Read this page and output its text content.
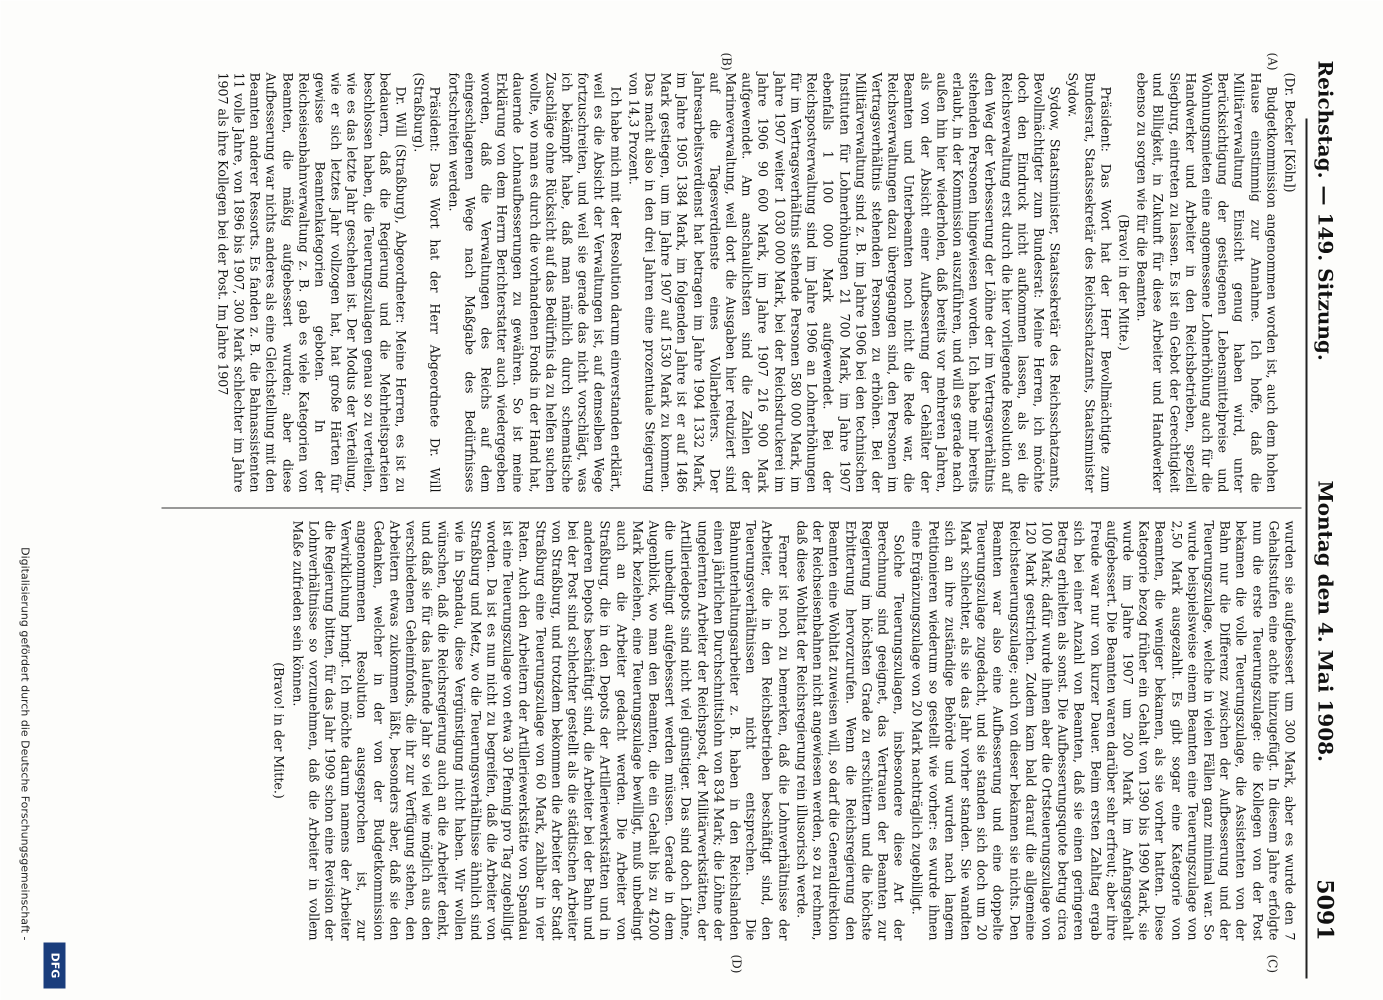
Reichstag. — 149. Sitzung.
Montag den 4. Mai 1908.
5091
(A)
(B)
(C)
(D)

(Dr. Becker [Köln])

Budgetkommission angenommen worden ist, auch dem hohen Hause einstimmig zur Annahme. Ich hoffe, daß die Militärverwaltung Einsicht genug haben wird, unter Berücksichtigung der gestiegenen Lebensmittelpreise und Wohnungsmieten eine angemessene Lohnerhöhung auch für die Handwerker und Arbeiter in den Reichsbetrieben, speziell Siegburg, eintreten zu lassen. Es ist ein Gebot der Gerechtigkeit und Billigkeit, in Zukunft für diese Arbeiter und Handwerker ebenso zu sorgen wie für die Beamten.

(Bravo! in der Mitte.)

Präsident: Das Wort hat der Herr Bevollmächtigte zum Bundesrat, Staatssekretär des Reichsschatzamts, Staatsminister Sydow.

Sydow, Staatsminister, Staatssekretär des Reichsschatzamts, Bevollmächtigter zum Bundesrat: Meine Herren, ich möchte doch den Eindruck nicht aufkommen lassen, als sei die Reichsverwaltung erst durch die hier vorliegende Resolution auf den Weg der Verbesserung der Löhne der im Vertragsverhältnis stehenden Personen hingewiesen worden. Ich habe mir bereits erlaubt, in der Kommission auszuführen, und will es gerade nach außen hin hier wiederholen, daß bereits vor mehreren Jahren, als von der Absicht einer Aufbesserung der Gehälter der Beamten und Unterbeamten noch nicht die Rede war, die Reichsverwaltungen dazu übergegangen sind, den Personen im Vertragsverhältnis stehenden Personen zu erhöhen. Bei der Militärverwaltung sind z. B. im Jahre 1906 bei den technischen Instituten für Lohnerhöhungen 21 700 Mark, im Jahre 1907 ebenfalls 1 100 000 Mark aufgewendet. Bei der Reichspostverwaltung sind im Jahre 1906 an Lohnerhöhungen für im Vertragsverhältnis stehende Personen 580 000 Mark, im Jahre 1907 weiter 1 030 000 Mark, bei der Reichsdruckerei im Jahre 1906 90 600 Mark, im Jahre 1907 216 900 Mark aufgewendet. Am anschaulichsten sind die Zahlen der Marineverwaltung, weil dort die Ausgaben hier reduziert sind auf die Tagesverdienste eines Vollarbeiters. Der Jahresarbeitsverdienst hat betragen im Jahre 1904 1332 Mark, im Jahre 1905 1384 Mark, im folgenden Jahre ist er auf 1486 Mark gestiegen, um im Jahre 1907 auf 1530 Mark zu kommen. Das macht also in den drei Jahren eine prozentuale Steigerung von 14,3 Prozent.

Ich habe mich mit der Resolution darum einverstanden erklärt, weil es die Absicht der Verwaltungen ist, auf demselben Wege fortzuschreiten, und weil sie gerade das nicht vorschlägt, was ich bekämpft habe, daß man nämlich durch schematische Zuschläge ohne Rücksicht auf das Bedürfnis da zu helfen suchen wollte, wo man es durch die vorhandenen Fonds in der Hand hat, dauernde Lohnaufbesserungen zu gewähren. So ist meine Erklärung von dem Herrn Berichterstatter auch wiedergegeben worden, daß die Verwaltungen des Reichs auf dem eingeschlagenen Wege nach Maßgabe des Bedürfnisses fortschreiten werden.

Präsident: Das Wort hat der Herr Abgeordnete Dr. Will (Straßburg).

Dr. Will (Straßburg), Abgeordneter: Meine Herren, es ist zu bedauern, daß die Regierung und die Mehrheitsparteien beschlossen haben, die Teuerungszulagen genau so zu verteilen, wie es das letzte Jahr geschehen ist. Der Modus der Verteilung, wie er sich letztes Jahr vollzogen hat, hat große Härten für gewisse Beamtenkategorien geboten. In der Reichseisenbahnverwaltung z. B. gab es viele Kategorien von Beamten, die mäßig aufgebessert wurden; aber diese Aufbesserung war nichts anderes als eine Gleichstellung mit den Beamten anderer Ressorts. Es fanden z. B. die Bahnassistenten 11 volle Jahre, von 1896 bis 1907, 300 Mark schlechter im Jahre 1907 als ihre Kollegen bei der Post. Im Jahre 1907

wurden sie aufgebessert um 300 Mark, aber es wurde den 7 Gehaltsstufen eine achte hinzugefügt. In diesem Jahre erfolgte nun die erste Teuerungszulage: die Kollegen von der Post bekamen die volle Teuerungszulage, die Assistenten von der Bahn nur die Differenz zwischen der Aufbesserung und der Teuerungszulage, welche in vielen Fällen ganz minimal war. So wurde beispielsweise einem Beamten eine Teuerungszulage von 2,50 Mark ausgezahlt. Es gibt sogar eine Kategorie von Beamten, die weniger bekamen, als sie vorher hatten. Diese Kategorie bezog früher ein Gehalt von 1390 bis 1990 Mark, sie wurde im Jahre 1907 um 200 Mark im Anfangsgehalt aufgebessert. Die Beamten waren darüber sehr erfreut; aber ihre Freude war nur von kurzer Dauer. Beim ersten Zahltag ergab sich bei einer Anzahl von Beamten, daß sie einen geringeren Betrag erhielten als sonst. Die Aufbesserungsquote betrug circa 100 Mark; dafür wurde ihnen aber die Ortsteuerungszulage von 120 Mark gestrichen. Zudem kam bald darauf die allgemeine Reichsteuerungszulage; auch von dieser bekamen sie nichts. Den Beamten war also eine Aufbesserung und eine doppelte Teuerungszulage zugedacht, und sie standen sich doch um 20 Mark schlechter, als sie das Jahr vorher standen. Sie wandten sich an ihre zuständige Behörde und wurden nach langem Petitionieren wiederum so gestellt wie vorher: es wurde ihnen eine Ergänzungszulage von 20 Mark nachträglich zugebilligt.

Solche Teuerungszulagen, insbesondere diese Art der Berechnung sind geeignet, das Vertrauen der Beamten zur Regierung im höchsten Grade zu erschüttern und die höchste Erbitterung hervorzurufen. Wenn die Reichsregierung den Beamten eine Wohltat zuweisen will, so darf die Generaldirektion der Reichseisenbahnen nicht angewiesen werden, so zu rechnen, daß diese Wohltat der Reichsregierung rein illusorisch werde.

Ferner ist noch zu bemerken, daß die Lohnverhältnisse der Arbeiter, die in den Reichsbetrieben beschäftigt sind, den Teuerungsverhältnissen nicht entsprechen. Die Bahnunterhaltungsarbeiter z. B. haben in den Reichslanden einen jährlichen Durchschnittslohn von 834 Mark; die Löhne der ungelernten Arbeiter der Reichspost, der Militärwerkstätten, der Artilleriedepots sind nicht viel günstiger. Das sind doch Löhne, die unbedingt aufgebessert werden müssen. Gerade in dem Augenblick, wo man den Beamten, die ein Gehalt bis zu 4200 Mark beziehen, eine Teuerungszulage bewilligt, muß unbedingt auch an die Arbeiter gedacht werden. Die Arbeiter von Straßburg, die in den Depots der Artilleriewerkstätten und in anderen Depots beschäftigt sind, die Arbeiter bei der Bahn und bei der Post sind schlechter gestellt als die städtischen Arbeiter von Straßburg, und trotzdem bekommen die Arbeiter der Stadt Straßburg eine Teuerungszulage von 60 Mark, zahlbar in vier Raten. Auch den Arbeitern der Artilleriewerkstätte von Spandau ist eine Teuerungszulage von etwa 30 Pfennig pro Tag zugebilligt worden. Da ist es nun nicht zu begreifen, daß die Arbeiter von Straßburg und Metz, wo die Teuerungsverhältnisse ähnlich sind wie in Spandau, diese Vergünstigung nicht haben. Wir wollen wünschen, daß die Reichsregierung auch an die Arbeiter denkt, und daß sie für das laufende Jahr so viel wie möglich aus den verschiedenen Geheimfonds, die ihr zur Verfügung stehen, den Arbeitern etwas zukommen läßt, besonders aber, daß sie den Gedanken, welcher in der von der Budgetkommission angenommenen Resolution ausgesprochen ist, zur Verwirklichung bringt. Ich möchte darum namens der Arbeiter die Regierung bitten, für das Jahr 1909 schon eine Revision der Lohnverhältnisse so vorzunehmen, daß die Arbeiter in vollem Maße zufrieden sein können.

(Bravo! in der Mitte.)

Digitalisierung gefördert durch die Deutsche Forschungsgemeinschaft -
DFG
